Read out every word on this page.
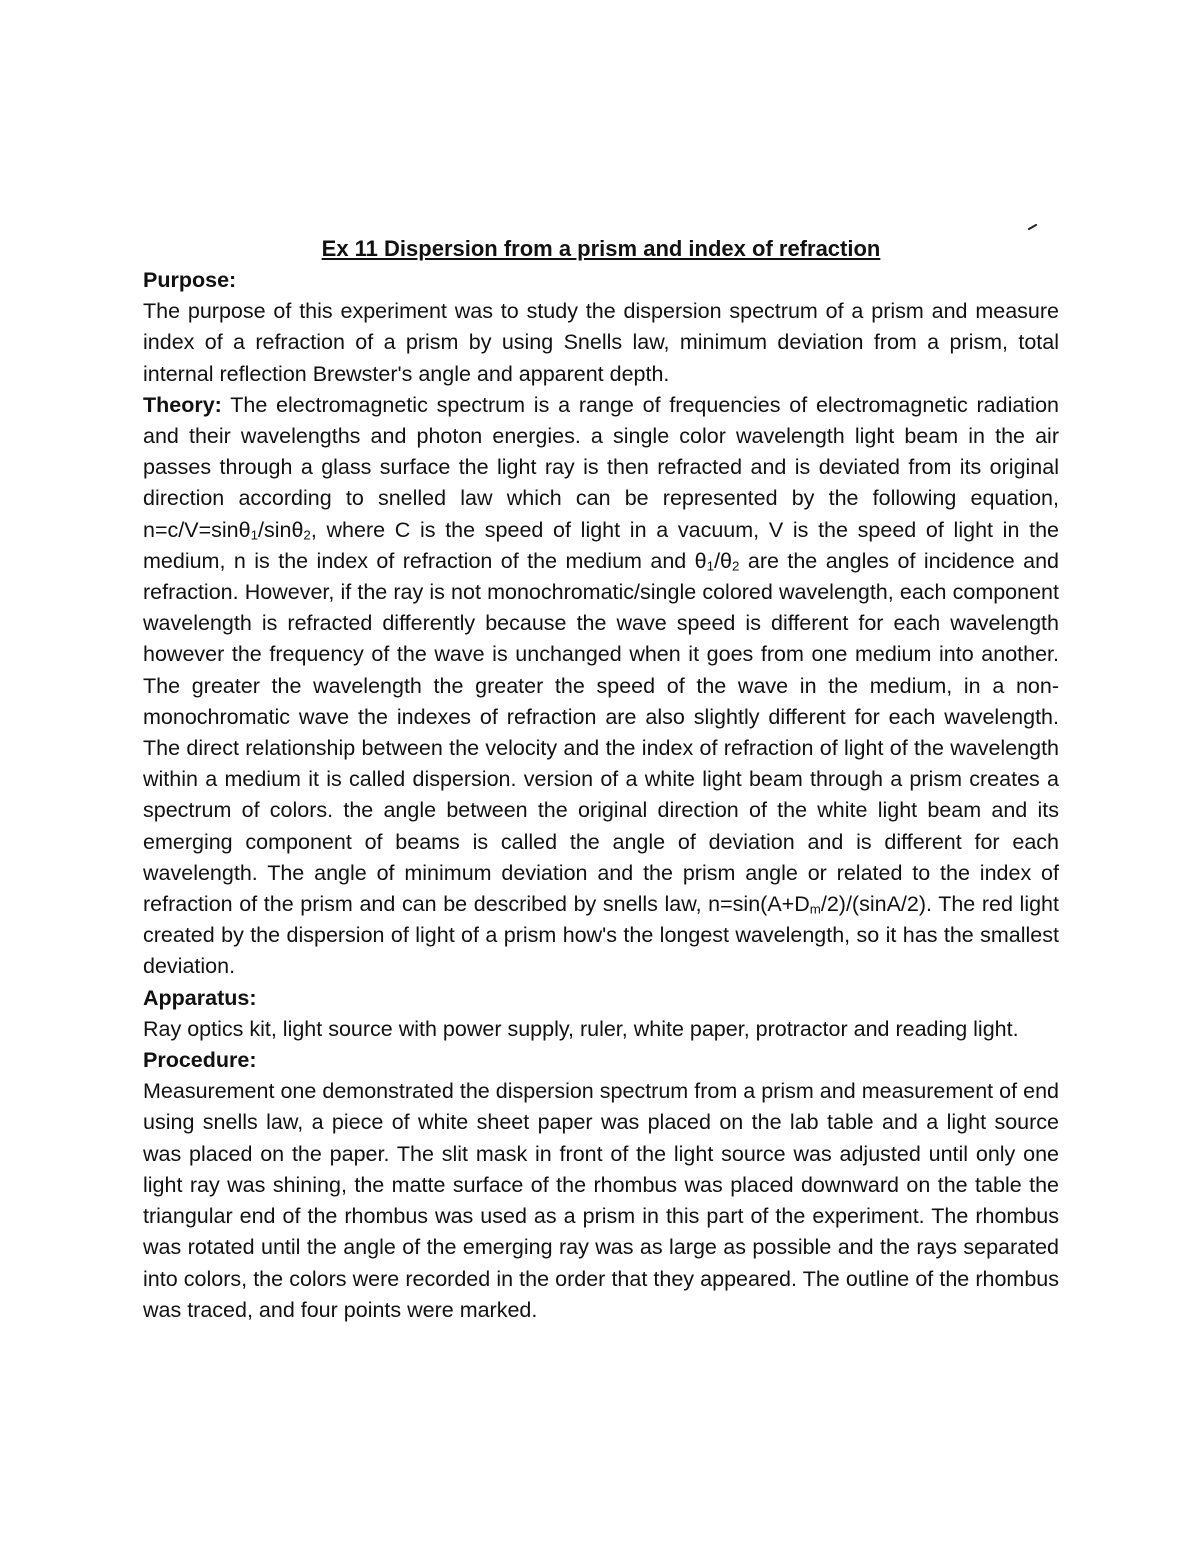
Ex 11 Dispersion from a prism and index of refraction
Purpose:

The purpose of this experiment was to study the dispersion spectrum of a prism and measure index of a refraction of a prism by using Snells law, minimum deviation from a prism, total internal reflection Brewster's angle and apparent depth.

Theory: The electromagnetic spectrum is a range of frequencies of electromagnetic radiation and their wavelengths and photon energies. a single color wavelength light beam in the air passes through a glass surface the light ray is then refracted and is deviated from its original direction according to snelled law which can be represented by the following equation, n=c/V=sinθ$_1$/sinθ$_2$, where C is the speed of light in a vacuum, V is the speed of light in the medium, n is the index of refraction of the medium and $\theta_1/\theta_2$ are the angles of incidence and refraction. However, if the ray is not monochromatic/single colored wavelength, each component wavelength is refracted differently because the wave speed is different for each wavelength however the frequency of the wave is unchanged when it goes from one medium into another. The greater the wavelength the greater the speed of the wave in the medium, in a non-monochromatic wave the indexes of refraction are also slightly different for each wavelength. The direct relationship between the velocity and the index of refraction of light of the wavelength within a medium it is called dispersion. version of a white light beam through a prism creates a spectrum of colors. the angle between the original direction of the white light beam and its emerging component of beams is called the angle of deviation and is different for each wavelength. The angle of minimum deviation and the prism angle or related to the index of refraction of the prism and can be described by snells law, $n=\sin(A+D_m/2)/(\sin A/2)$. The red light created by the dispersion of light of a prism how's the longest wavelength, so it has the smallest deviation.

Apparatus:

Ray optics kit, light source with power supply, ruler, white paper, protractor and reading light.

Procedure:

Measurement one demonstrated the dispersion spectrum from a prism and measurement of end using snells law, a piece of white sheet paper was placed on the lab table and a light source was placed on the paper. The slit mask in front of the light source was adjusted until only one light ray was shining, the matte surface of the rhombus was placed downward on the table the triangular end of the rhombus was used as a prism in this part of the experiment. The rhombus was rotated until the angle of the emerging ray was as large as possible and the rays separated into colors, the colors were recorded in the order that they appeared. The outline of the rhombus was traced, and four points were marked.
